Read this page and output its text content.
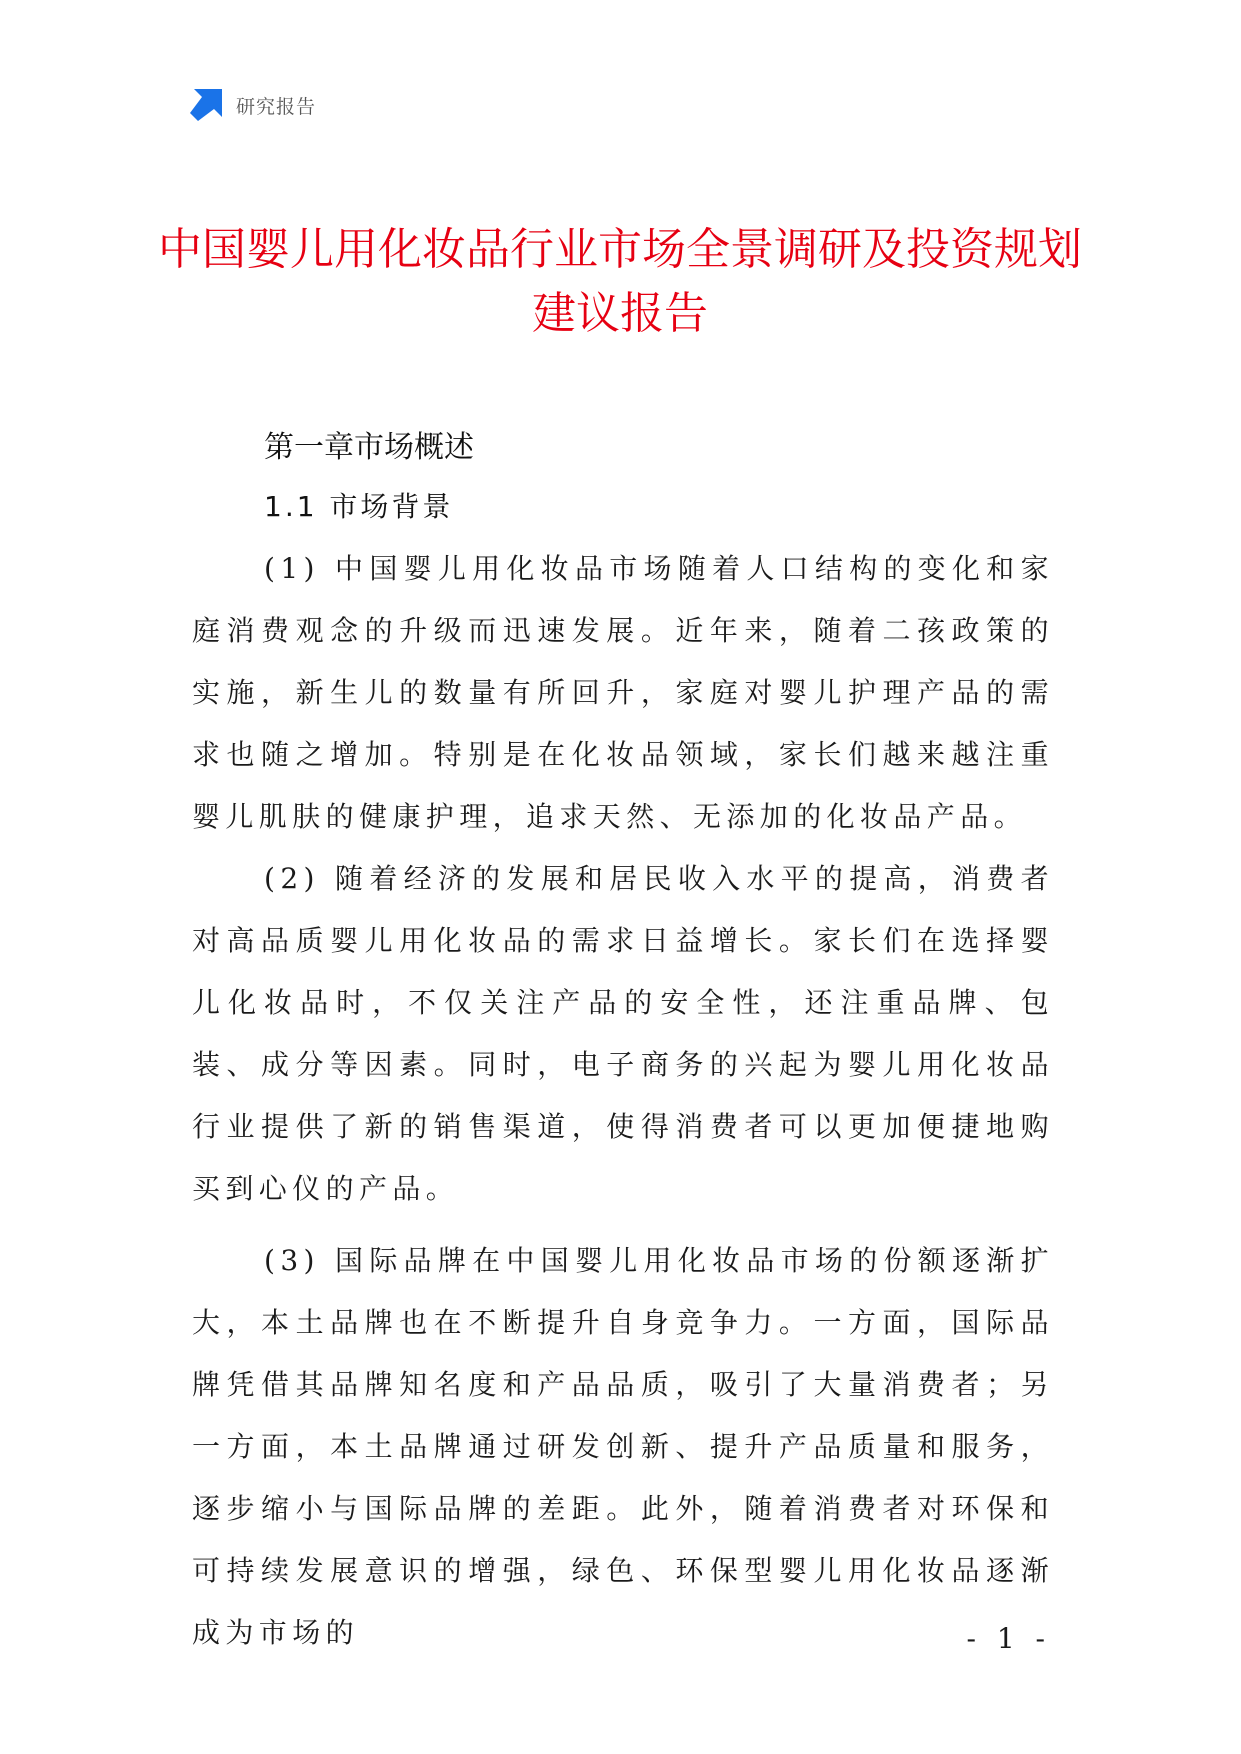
研究报告
中国婴儿用化妆品行业市场全景调研及投资规划建议报告
第一章市场概述
1.1 市场背景

(1) 中国婴儿用化妆品市场随着人口结构的变化和家庭消费观念的升级而迅速发展。近年来，随着二孩政策的实施，新生儿的数量有所回升，家庭对婴儿护理产品的需求也随之增加。特别是在化妆品领域，家长们越来越注重婴儿肌肤的健康护理，追求天然、无添加的化妆品产品。

(2) 随着经济的发展和居民收入水平的提高，消费者对高品质婴儿用化妆品的需求日益增长。家长们在选择婴儿化妆品时，不仅关注产品的安全性，还注重品牌、包装、成分等因素。同时，电子商务的兴起为婴儿用化妆品行业提供了新的销售渠道，使得消费者可以更加便捷地购买到心仪的产品。

(3) 国际品牌在中国婴儿用化妆品市场的份额逐渐扩大，本土品牌也在不断提升自身竞争力。一方面，国际品牌凭借其品牌知名度和产品品质，吸引了大量消费者；另一方面，本土品牌通过研发创新、提升产品质量和服务，逐步缩小与国际品牌的差距。此外，随着消费者对环保和可持续发展意识的增强，绿色、环保型婴儿用化妆品逐渐成为市场的	- 1 -
